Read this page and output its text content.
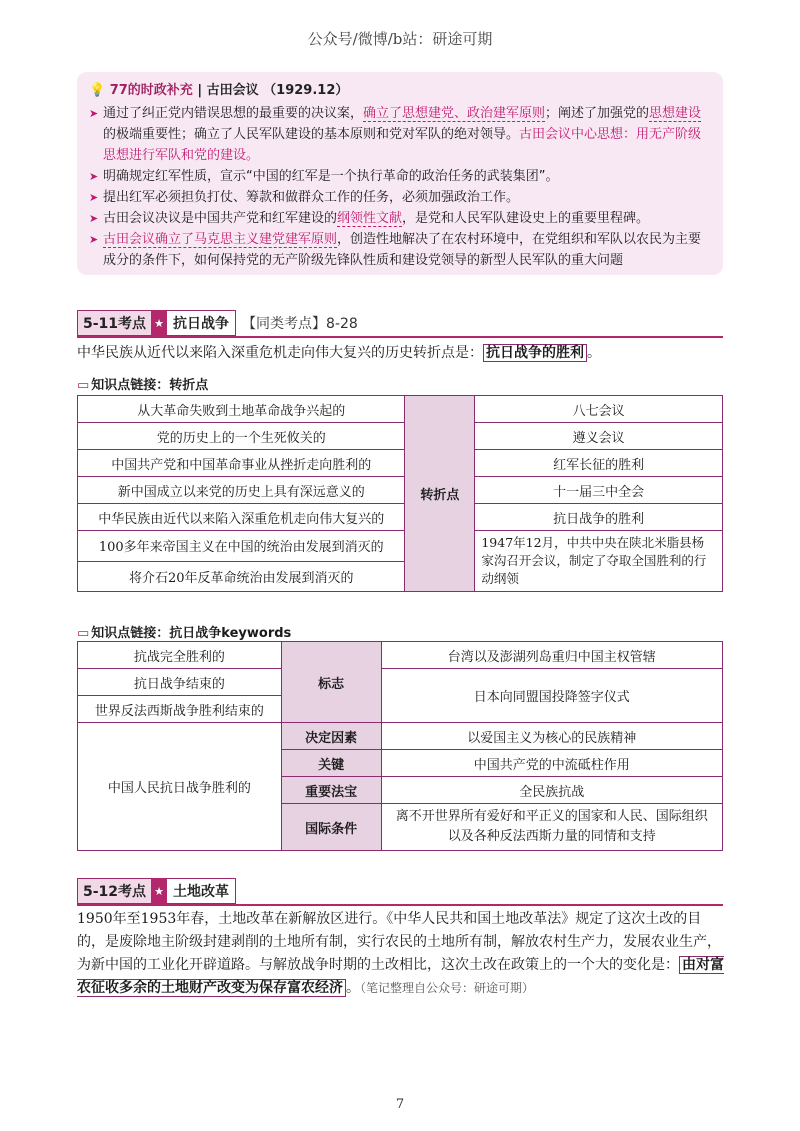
公众号/微博/b站：研途可期
💡 77的时政补充 | 古田会议 （1929.12）
➤ 通过了纠正党内错误思想的最重要的决议案，确立了思想建党、政治建军原则；阐述了加强党的思想建设的极端重要性；确立了人民军队建设的基本原则和党对军队的绝对领导。古田会议中心思想：用无产阶级思想进行军队和党的建设。
➤ 明确规定红军性质，宣示“中国的红军是一个执行革命的政治任务的武装集团”。
➤ 提出红军必须担负打仗、筹款和做群众工作的任务，必须加强政治工作。
➤ 古田会议决议是中国共产党和红军建设的纲领性文献，是党和人民军队建设史上的重要里程碑。
➤ 古田会议确立了马克思主义建党建军原则，创造性地解决了在农村环境中，在党组织和军队以农民为主要成分的条件下，如何保持党的无产阶级先锋队性质和建设党领导的新型人民军队的重大问题
5-11考点 ★ 抗日战争 【同类考点】8-28
中华民族从近代以来陷入深重危机走向伟大复兴的历史转折点是： 抗日战争的胜利 。
▭ 知识点链接：转折点
从大革命失败到土地革命战争兴起的	转折点	八七会议
党的历史上的一个生死攸关的		遵义会议
中国共产党和中国革命事业从挫折走向胜利的		红军长征的胜利
新中国成立以来党的历史上具有深远意义的		十一届三中全会
中华民族由近代以来陷入深重危机走向伟大复兴的		抗日战争的胜利
100多年来帝国主义在中国的统治由发展到消灭的		1947年12月，中共中央在陕北米脂县杨家沟召开会议，制定了夺取全国胜利的行动纲领
将介石20年反革命统治由发展到消灭的		
▭ 知识点链接：抗日战争keywords
抗战完全胜利的	标志	台湾以及澎湖列岛重归中国主权管辖
抗日战争结束的		日本向同盟国投降签字仪式
世界反法西斯战争胜利结束的		
中国人民抗日战争胜利的	决定因素	以爱国主义为核心的民族精神
	关键	中国共产党的中流砥柱作用
	重要法宝	全民族抗战
	国际条件	离不开世界所有爱好和平正义的国家和人民、国际组织以及各种反法西斯力量的同情和支持
5-12考点 ★ 土地改革
1950年至1953年春，土地改革在新解放区进行。《中华人民共和国土地改革法》规定了这次土改的目的，是废除地主阶级封建剥削的土地所有制，实行农民的土地所有制，解放农村生产力，发展农业生产，为新中国的工业化开辟道路。与解放战争时期的土改相比，这次土改在政策上的一个大的变化是： 由对富农征收多余的土地财产改变为保存富农经济 。（笔记整理自公众号：研途可期）
7
